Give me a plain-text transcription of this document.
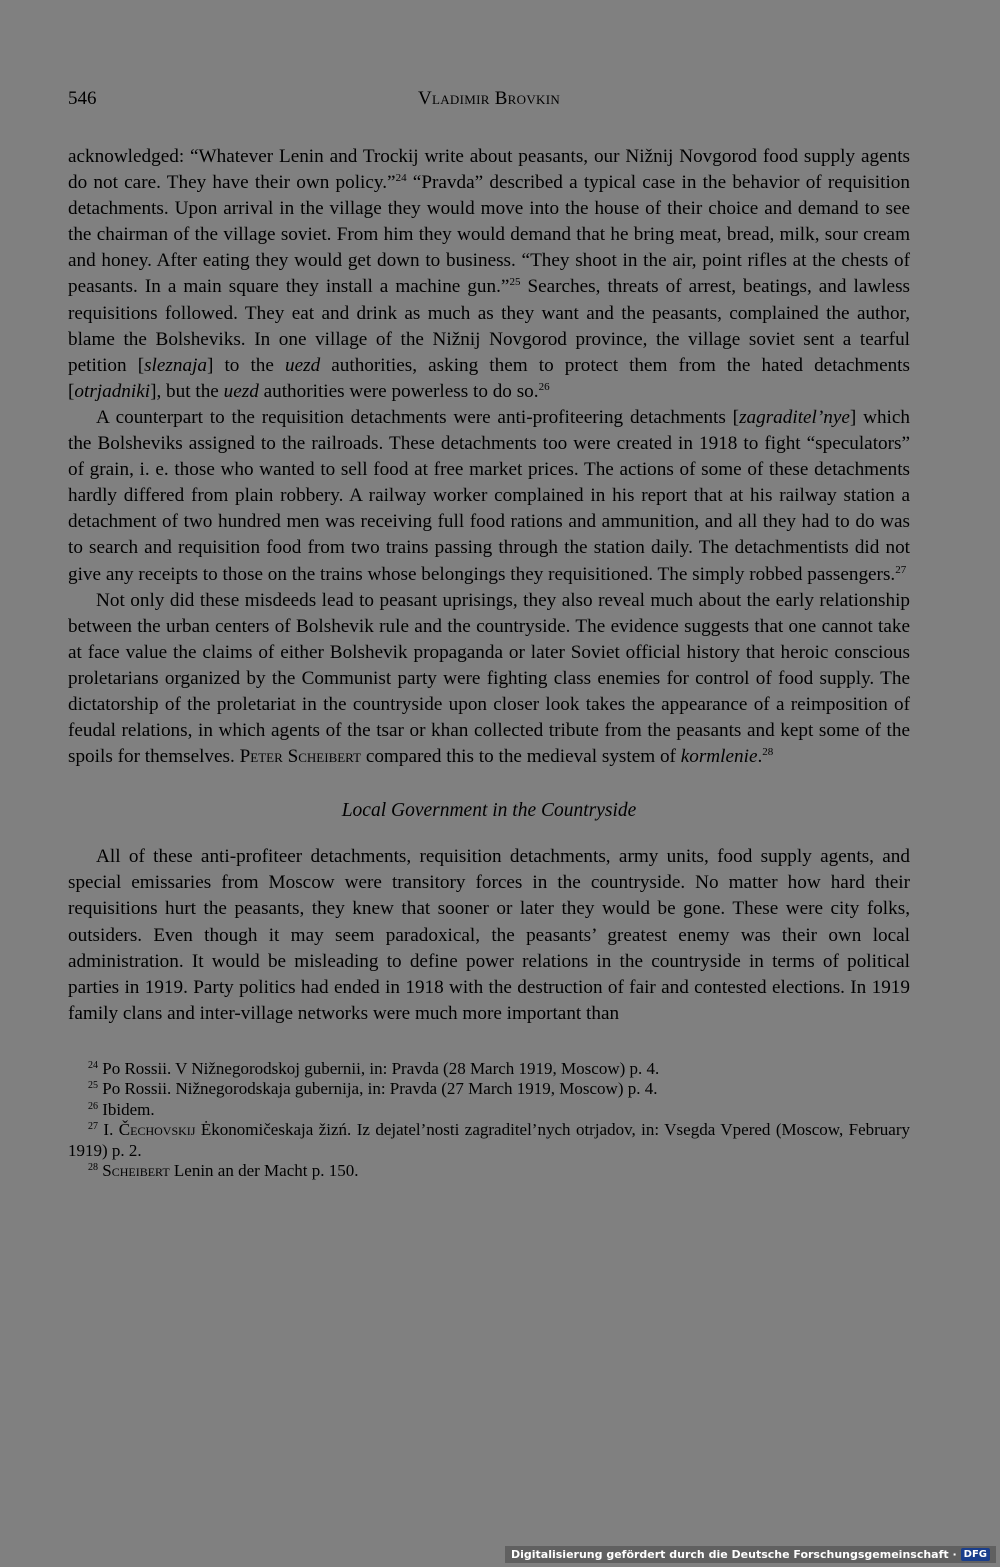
546	Vladimir Brovkin

acknowledged: “Whatever Lenin and Trockij write about peasants, our Nižnij Novgorod food supply agents do not care. They have their own policy.”$^{24}$ “Pravda” described a typical case in the behavior of requisition detachments. Upon arrival in the village they would move into the house of their choice and demand to see the chairman of the village soviet. From him they would demand that he bring meat, bread, milk, sour cream and honey. After eating they would get down to business. “They shoot in the air, point rifles at the chests of peasants. In a main square they install a machine gun.”$^{25}$ Searches, threats of arrest, beatings, and lawless requisitions followed. They eat and drink as much as they want and the peasants, complained the author, blame the Bolsheviks. In one village of the Nižnij Novgorod province, the village soviet sent a tearful petition [sleznaja] to the uezd authorities, asking them to protect them from the hated detachments [otrjadniki], but the uezd authorities were powerless to do so.$^{26}$

A counterpart to the requisition detachments were anti-profiteering detachments [zagraditel’nye] which the Bolsheviks assigned to the railroads. These detachments too were created in 1918 to fight “speculators” of grain, i. e. those who wanted to sell food at free market prices. The actions of some of these detachments hardly differed from plain robbery. A railway worker complained in his report that at his railway station a detachment of two hundred men was receiving full food rations and ammunition, and all they had to do was to search and requisition food from two trains passing through the station daily. The detachmentists did not give any receipts to those on the trains whose belongings they requisitioned. The simply robbed passengers.$^{27}$

Not only did these misdeeds lead to peasant uprisings, they also reveal much about the early relationship between the urban centers of Bolshevik rule and the countryside. The evidence suggests that one cannot take at face value the claims of either Bolshevik propaganda or later Soviet official history that heroic conscious proletarians organized by the Communist party were fighting class enemies for control of food supply. The dictatorship of the proletariat in the countryside upon closer look takes the appearance of a reimposition of feudal relations, in which agents of the tsar or khan collected tribute from the peasants and kept some of the spoils for themselves. Peter Scheibert compared this to the medieval system of kormlenie.$^{28}$

Local Government in the Countryside

All of these anti-profiteer detachments, requisition detachments, army units, food supply agents, and special emissaries from Moscow were transitory forces in the countryside. No matter how hard their requisitions hurt the peasants, they knew that sooner or later they would be gone. These were city folks, outsiders. Even though it may seem paradoxical, the peasants’ greatest enemy was their own local administration. It would be misleading to define power relations in the countryside in terms of political parties in 1919. Party politics had ended in 1918 with the destruction of fair and contested elections. In 1919 family clans and inter-village networks were much more important than

$^{24}$ Po Rossii. V Nižnegorodskoj gubernii, in: Pravda (28 March 1919, Moscow) p. 4.

$^{25}$ Po Rossii. Nižnegorodskaja gubernija, in: Pravda (27 March 1919, Moscow) p. 4.

$^{26}$ Ibidem.

$^{27}$ I. Čechovskij Ėkonomičeskaja žizń. Iz dejatel’nosti zagraditel’nych otrjadov, in: Vsegda Vpered (Moscow, February 1919) p. 2.

$^{28}$ Scheibert Lenin an der Macht p. 150.

Digitalisierung gefördert durch die Deutsche Forschungsgemeinschaft · DFG
